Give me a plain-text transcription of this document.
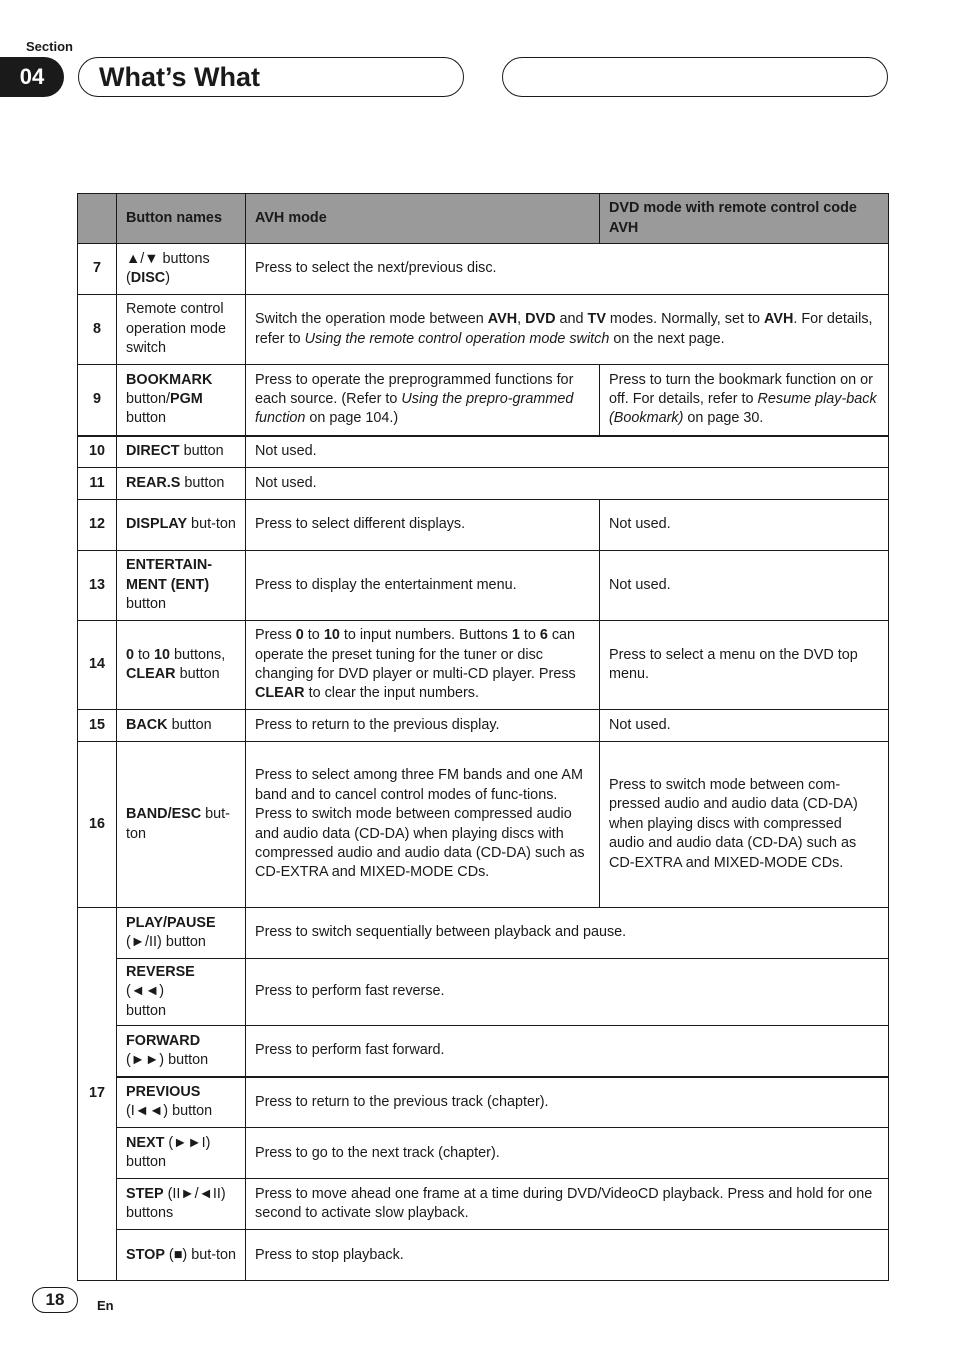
Section
04	What’s What
	Button names	AVH mode	DVD mode with remote control code AVH
7	▲/▼ buttons (DISC)	Press to select the next/previous disc.	
8	Remote control operation mode switch	Switch the operation mode between AVH, DVD and TV modes. Normally, set to AVH. For details, refer to Using the remote control operation mode switch on the next page.	
9	BOOKMARK
button/PGM
button	Press to operate the preprogrammed functions for each source. (Refer to Using the prepro-grammed function on page 104.)	Press to turn the bookmark function on or off. For details, refer to Resume play-back (Bookmark) on page 30.
10	DIRECT button	Not used.	
11	REAR.S button	Not used.	
12	DISPLAY but-ton	Press to select different displays.	Not used.
13	ENTERTAIN-MENT (ENT)
button	Press to display the entertainment menu.	Not used.
14	0 to 10 buttons, CLEAR button	Press 0 to 10 to input numbers. Buttons 1 to 6 can operate the preset tuning for the tuner or disc changing for DVD player or multi-CD player. Press CLEAR to clear the input numbers.	Press to select a menu on the DVD top menu.
15	BACK button	Press to return to the previous display.	Not used.
16	BAND/ESC but-ton	Press to select among three FM bands and one AM band and to cancel control modes of func-tions.
Press to switch mode between compressed audio and audio data (CD-DA) when playing discs with compressed audio and audio data (CD-DA) such as CD-EXTRA and MIXED-MODE CDs.	Press to switch mode between com-pressed audio and audio data (CD-DA) when playing discs with compressed audio and audio data (CD-DA) such as CD-EXTRA and MIXED-MODE CDs.
17	PLAY/PAUSE
(►/II) button	Press to switch sequentially between playback and pause.	
	REVERSE (◄◄)
button	Press to perform fast reverse.	
	FORWARD
(►►) button	Press to perform fast forward.	
	PREVIOUS
(I◄◄) button	Press to return to the previous track (chapter).	
	NEXT (►►I)
button	Press to go to the next track (chapter).	
	STEP (II►/◄II)
buttons	Press to move ahead one frame at a time during DVD/VideoCD playback. Press and hold for one second to activate slow playback.	
	STOP (■) but-ton	Press to stop playback.	
18	En
